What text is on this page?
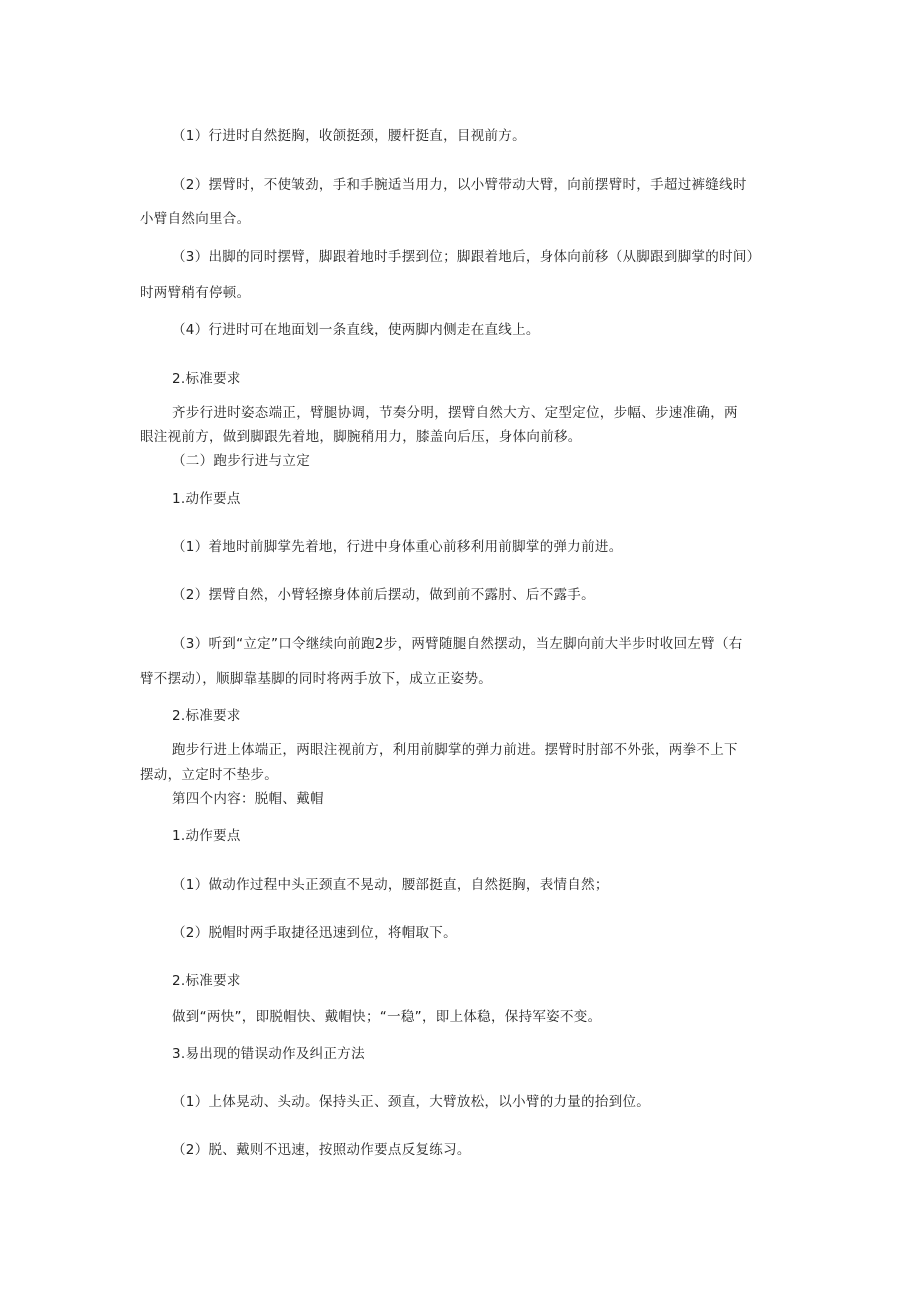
（1）行进时自然挺胸，收颌挺颈，腰杆挺直，目视前方。
（2）摆臂时，不使皱劲，手和手腕适当用力，以小臂带动大臂，向前摆臂时，手超过裤缝线时
小臂自然向里合。
（3）出脚的同时摆臂，脚跟着地时手摆到位；脚跟着地后，身体向前移（从脚跟到脚掌的时间）
时两臂稍有停顿。
（4）行进时可在地面划一条直线，使两脚内侧走在直线上。
2.标准要求
齐步行进时姿态端正，臂腿协调，节奏分明，摆臂自然大方、定型定位，步幅、步速准确，两
眼注视前方，做到脚跟先着地，脚腕稍用力，膝盖向后压，身体向前移。
（二）跑步行进与立定
1.动作要点
（1）着地时前脚掌先着地，行进中身体重心前移利用前脚掌的弹力前进。
（2）摆臂自然，小臂轻擦身体前后摆动，做到前不露肘、后不露手。
（3）听到“立定”口令继续向前跑2步，两臂随腿自然摆动，当左脚向前大半步时收回左臂（右
臂不摆动），顺脚靠基脚的同时将两手放下，成立正姿势。
2.标准要求
跑步行进上体端正，两眼注视前方，利用前脚掌的弹力前进。摆臂时肘部不外张，两拳不上下
摆动，立定时不垫步。
第四个内容：脱帽、戴帽
1.动作要点
（1）做动作过程中头正颈直不晃动，腰部挺直，自然挺胸，表情自然；
（2）脱帽时两手取捷径迅速到位，将帽取下。
2.标准要求
做到“两快”，即脱帽快、戴帽快；“一稳”，即上体稳，保持军姿不变。
3.易出现的错误动作及纠正方法
（1）上体晃动、头动。保持头正、颈直，大臂放松，以小臂的力量的抬到位。
（2）脱、戴则不迅速，按照动作要点反复练习。
